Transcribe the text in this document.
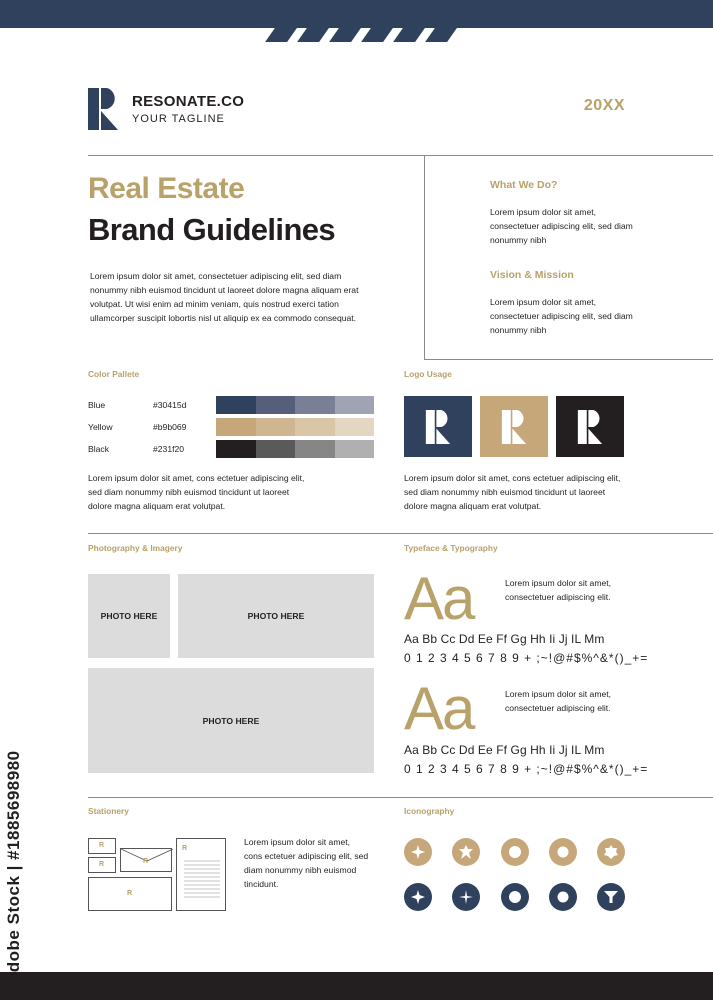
RESONATE.CO
YOUR TAGLINE
20XX
Real Estate
Brand Guidelines
Lorem ipsum dolor sit amet, consectetuer adipiscing elit, sed diam nonummy nibh euismod tincidunt ut laoreet dolore magna aliquam erat volutpat. Ut wisi enim ad minim veniam, quis nostrud exerci tation ullamcorper suscipit lobortis nisl ut aliquip ex ea commodo consequat.
What We Do?
Lorem ipsum dolor sit amet, consectetuer adipiscing elit, sed diam nonummy nibh
Vision & Mission
Lorem ipsum dolor sit amet, consectetuer adipiscing elit, sed diam nonummy nibh
Color Pallete
Blue	#30415d
Yellow	#b9b069
Black	#231f20
Lorem ipsum dolor sit amet, cons ectetuer adipiscing elit, sed diam nonummy nibh euismod tincidunt ut laoreet dolore magna aliquam erat volutpat.
Logo Usage
Lorem ipsum dolor sit amet, cons ectetuer adipiscing elit, sed diam nonummy nibh euismod tincidunt ut laoreet dolore magna aliquam erat volutpat.
Photography & Imagery
PHOTO HERE	PHOTO HERE
PHOTO HERE
Typeface & Typography
Aa	Lorem ipsum dolor sit amet, consectetuer adipiscing elit.
Aa Bb Cc Dd Ee Ff Gg Hh Ii Jj IL Mm
0 1 2 3 4 5 6 7 8 9 + ;~!@#$%^&*()_+=
Aa	Lorem ipsum dolor sit amet, consectetuer adipiscing elit.
Aa Bb Cc Dd Ee Ff Gg Hh Ii Jj IL Mm
0 1 2 3 4 5 6 7 8 9 + ;~!@#$%^&*()_+=
Stationery
R
R	R
R
R
Lorem ipsum dolor sit amet, cons ectetuer adipiscing elit, sed diam nonummy nibh euismod tincidunt.
Iconography
Adobe Stock | #1885698980
